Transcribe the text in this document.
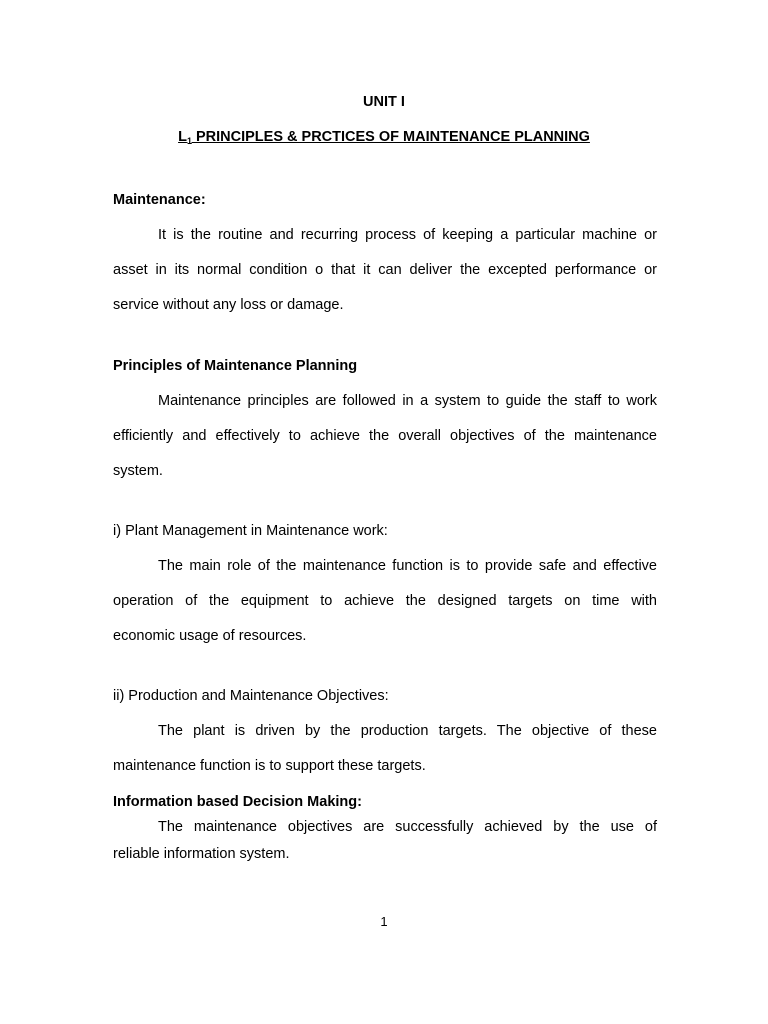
UNIT I
$L_1$ PRINCIPLES & PRCTICES OF MAINTENANCE PLANNING
Maintenance:
It is the routine and recurring process of keeping a particular machine or
asset in its normal condition o that it can deliver the excepted performance or
service without any loss or damage.
Principles of Maintenance Planning
Maintenance principles are followed in a system to guide the staff to work
efficiently and effectively to achieve the overall objectives of the maintenance
system.
i) Plant Management in Maintenance work:
The main role of the maintenance function is to provide safe and effective
operation of the equipment to achieve the designed targets on time with
economic usage of resources.
ii) Production and Maintenance Objectives:
The plant is driven by the production targets. The objective of these
maintenance function is to support these targets.
Information based Decision Making:
The maintenance objectives are successfully achieved by the use of
reliable information system.
1
